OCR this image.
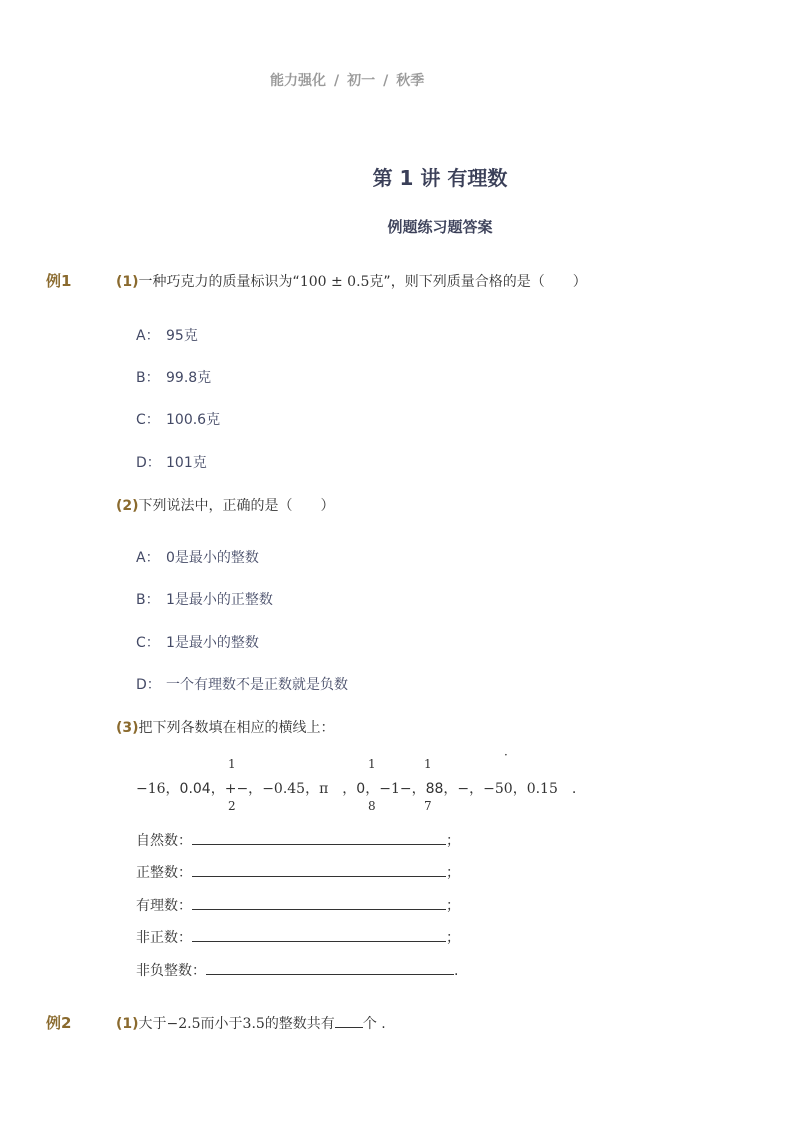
能力强化 / 初一 / 秋季
第 1 讲 有理数
例题练习题答案
例1	(1)一种巧克力的质量标识为“100 ± 0.5克”，则下列质量合格的是（　　）
A： 95克
B： 99.8克
C： 100.6克
D： 101克
(2)下列说法中，正确的是（　　）
A： 0是最小的整数
B： 1是最小的正整数
C： 1是最小的整数
D： 一个有理数不是正数就是负数
(3)把下列各数填在相应的横线上：
1
2
1
8
1
7
·
−16，0.04，+−，−0.45，π　，0，−1−，88，−，−50，0.15　.
自然数：	；
正整数：	；
有理数：	；
非正数：	；
非负整数：	.
例2	(1)大于−2.5而小于3.5的整数共有 个 .
